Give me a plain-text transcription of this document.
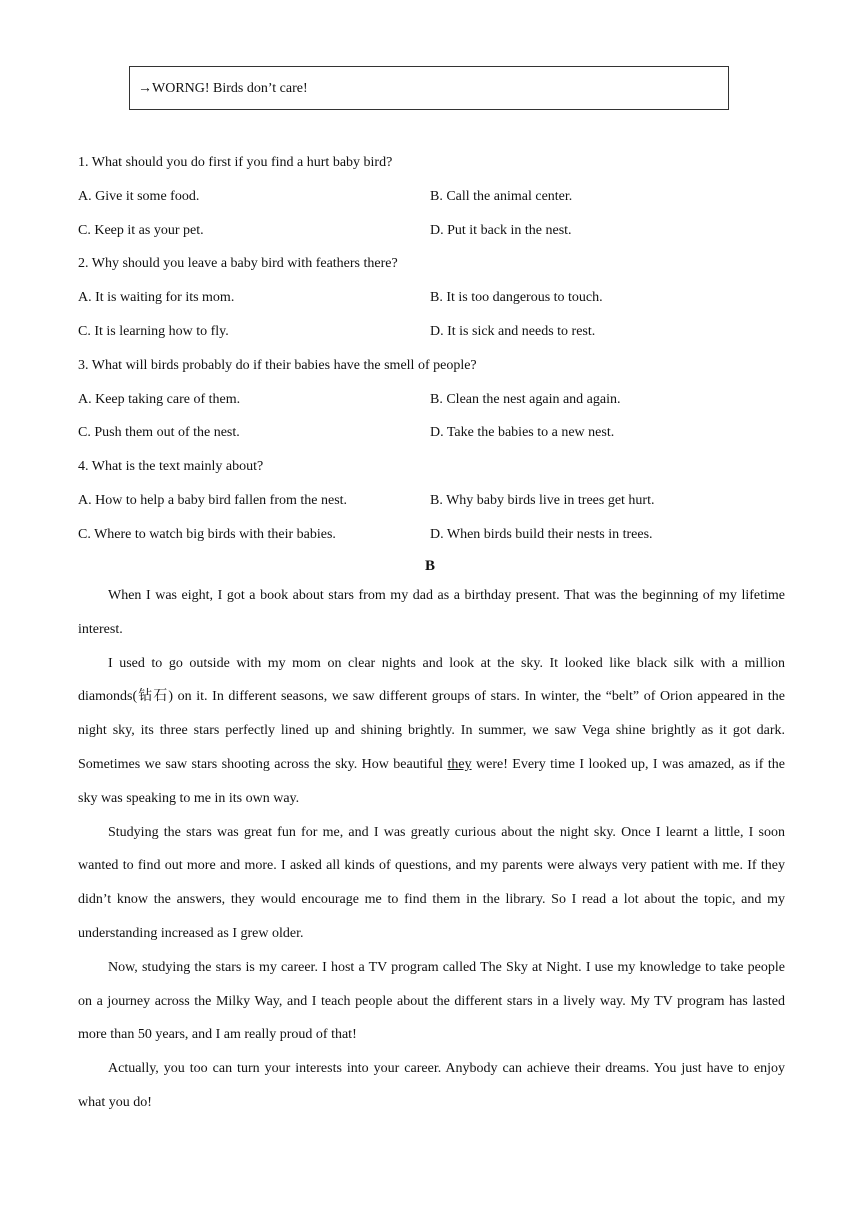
→WORNG! Birds don’t care!
1. What should you do first if you find a hurt baby bird?
A. Give it some food.	B. Call the animal center.
C. Keep it as your pet.	D. Put it back in the nest.
2. Why should you leave a baby bird with feathers there?
A. It is waiting for its mom.	B. It is too dangerous to touch.
C. It is learning how to fly.	D. It is sick and needs to rest.
3. What will birds probably do if their babies have the smell of people?
A. Keep taking care of them.	B. Clean the nest again and again.
C. Push them out of the nest.	D. Take the babies to a new nest.
4. What is the text mainly about?
A. How to help a baby bird fallen from the nest.	B. Why baby birds live in trees get hurt.
C. Where to watch big birds with their babies.	D. When birds build their nests in trees.
B

When I was eight, I got a book about stars from my dad as a birthday present. That was the beginning of my lifetime interest.

I used to go outside with my mom on clear nights and look at the sky. It looked like black silk with a million diamonds(钻石) on it. In different seasons, we saw different groups of stars. In winter, the “belt” of Orion appeared in the night sky, its three stars perfectly lined up and shining brightly. In summer, we saw Vega shine brightly as it got dark. Sometimes we saw stars shooting across the sky. How beautiful they were! Every time I looked up, I was amazed, as if the sky was speaking to me in its own way.

Studying the stars was great fun for me, and I was greatly curious about the night sky. Once I learnt a little, I soon wanted to find out more and more. I asked all kinds of questions, and my parents were always very patient with me. If they didn’t know the answers, they would encourage me to find them in the library. So I read a lot about the topic, and my understanding increased as I grew older.

Now, studying the stars is my career. I host a TV program called The Sky at Night. I use my knowledge to take people on a journey across the Milky Way, and I teach people about the different stars in a lively way. My TV program has lasted more than 50 years, and I am really proud of that!

Actually, you too can turn your interests into your career. Anybody can achieve their dreams. You just have to enjoy what you do!
